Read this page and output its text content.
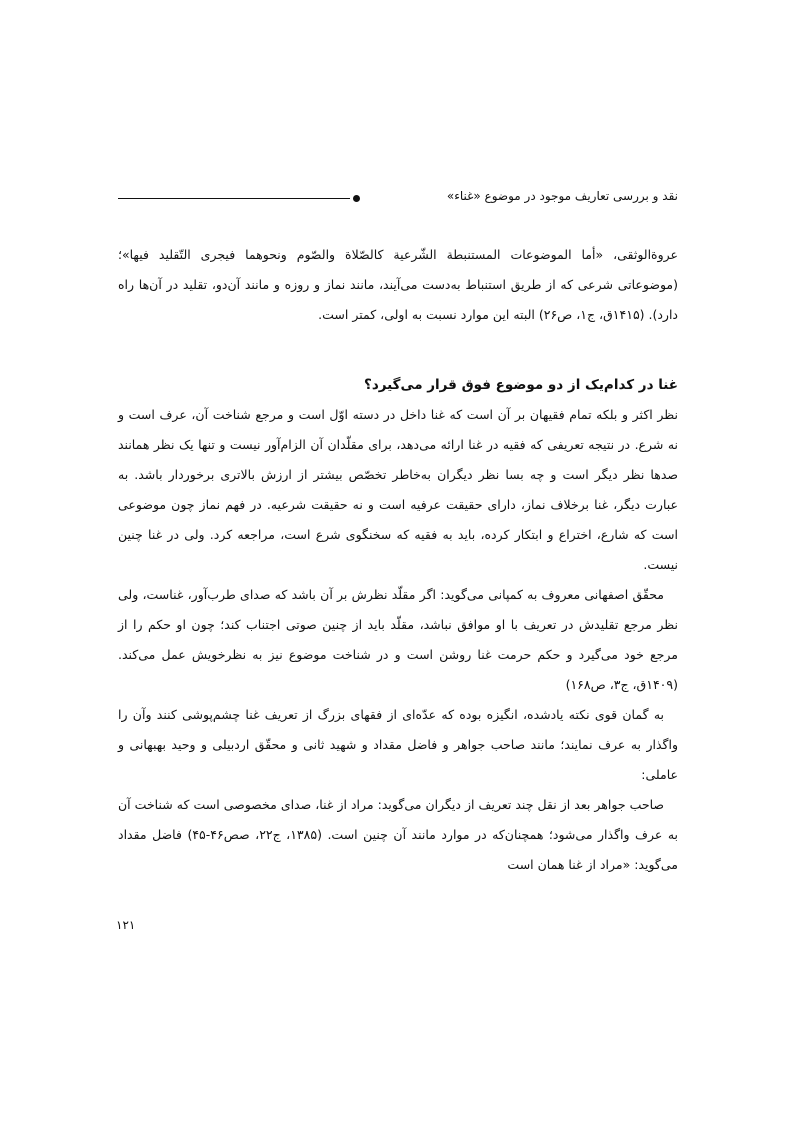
نقد و بررسی تعاریف موجود در موضوع «غناء»

عروة‌الوثقی، «أما الموضوعات المستنبطة الشّرعیة کالصّلاة والصّوم ونحوهما فیجری التّقلید فیها»؛ (موضوعاتی شرعی که از طریق استنباط به‌دست می‌آیند، مانند نماز و روزه و مانند آن‌دو، تقلید در آن‌ها راه دارد). (۱۴۱۵ق، ج۱، ص۲۶) البته این موارد نسبت به اولی، کمتر است.

غنا در کدام‌یک از دو موضوع فوق قرار می‌گیرد؟

نظر اکثر و بلکه تمام فقیهان بر آن است که غنا داخل در دسته اوّل است و مرجع شناخت آن، عرف است و نه شرع. در نتیجه تعریفی که فقیه در غنا ارائه می‌دهد، برای مقلّدان آن الزام‌آور نیست و تنها یک نظر همانند صدها نظر دیگر است و چه بسا نظر دیگران به‌خاطر تخصّص بیشتر از ارزش بالاتری برخوردار باشد. به عبارت دیگر، غنا برخلاف نماز، دارای حقیقت عرفیه است و نه حقیقت شرعیه. در فهم نماز چون موضوعی است که شارع، اختراع و ابتکار کرده، باید به فقیه که سخنگوی شرع است، مراجعه کرد. ولی در غنا چنین نیست.

محقّق اصفهانی معروف به کمپانی می‌گوید: اگر مقلّد نظرش بر آن باشد که صدای طرب‌آور، غناست، ولی نظر مرجع تقلیدش در تعریف با او موافق نباشد، مقلّد باید از چنین صوتی اجتناب کند؛ چون او حکم را از مرجع خود می‌گیرد و حکم حرمت غنا روشن است و در شناخت موضوع نیز به نظرخویش عمل می‌کند. (۱۴۰۹ق، ج۳، ص۱۶۸)

به گمان قوی نکته یادشده، انگیزه بوده که عدّه‌ای از فقهای بزرگ از تعریف غنا چشم‌پوشی کنند وآن را واگذار به عرف نمایند؛ مانند صاحب جواهر و فاضل مقداد و شهید ثانی و محقّق اردبیلی و وحید بهبهانی و عاملی:

صاحب جواهر بعد از نقل چند تعریف از دیگران می‌گوید: مراد از غنا، صدای مخصوصی است که شناخت آن به عرف واگذار می‌شود؛ همچنان‌که در موارد مانند آن چنین است. (۱۳۸۵، ج۲۲، صص۴۶-۴۵) فاضل مقداد می‌گوید: «مراد از غنا همان است

۱۲۱
